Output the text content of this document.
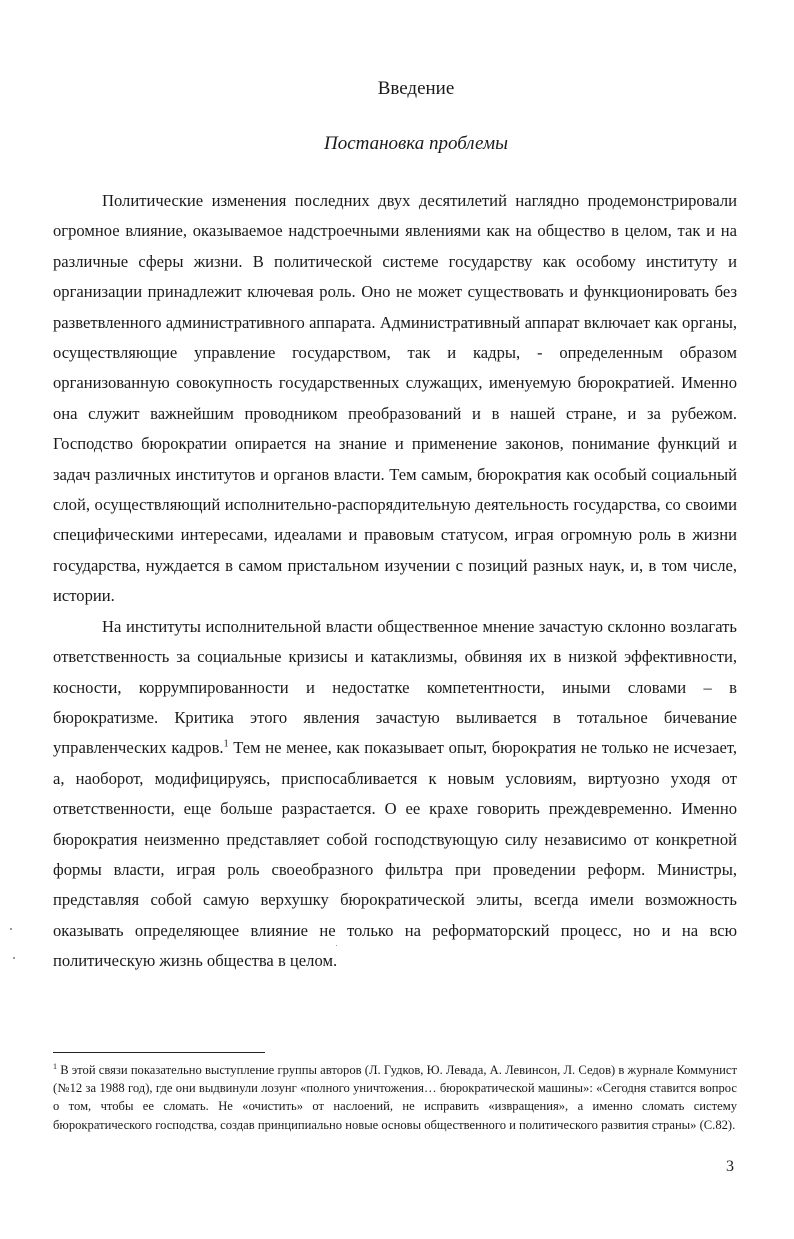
Введение
Постановка проблемы

Политические изменения последних двух десятилетий наглядно продемонстрировали огромное влияние, оказываемое надстроечными явлениями как на общество в целом, так и на различные сферы жизни. В политической системе государству как особому институту и организации принадлежит ключевая роль. Оно не может существовать и функционировать без разветвленного административного аппарата. Административный аппарат включает как органы, осуществляющие управление государством, так и кадры, - определенным образом организованную совокупность государственных служащих, именуемую бюрократией. Именно она служит важнейшим проводником преобразований и в нашей стране, и за рубежом. Господство бюрократии опирается на знание и применение законов, понимание функций и задач различных институтов и органов власти. Тем самым, бюрократия как особый социальный слой, осуществляющий исполнительно-распорядительную деятельность государства, со своими специфическими интересами, идеалами и правовым статусом, играя огромную роль в жизни государства, нуждается в самом пристальном изучении с позиций разных наук, и, в том числе, истории.

На институты исполнительной власти общественное мнение зачастую склонно возлагать ответственность за социальные кризисы и катаклизмы, обвиняя их в низкой эффективности, косности, коррумпированности и недостатке компетентности, иными словами – в бюрократизме. Критика этого явления зачастую выливается в тотальное бичевание управленческих кадров.$^1$ Тем не менее, как показывает опыт, бюрократия не только не исчезает, а, наоборот, модифицируясь, приспосабливается к новым условиям, виртуозно уходя от ответственности, еще больше разрастается. О ее крахе говорить преждевременно. Именно бюрократия неизменно представляет собой господствующую силу независимо от конкретной формы власти, играя роль своеобразного фильтра при проведении реформ. Министры, представляя собой самую верхушку бюрократической элиты, всегда имели возможность оказывать определяющее влияние не только на реформаторский процесс, но и на всю политическую жизнь общества в целом.

$^1$ В этой связи показательно выступление группы авторов (Л. Гудков, Ю. Левада, А. Левинсон, Л. Седов) в журнале Коммунист (№12 за 1988 год), где они выдвинули лозунг «полного уничтожения… бюрократической машины»: «Сегодня ставится вопрос о том, чтобы ее сломать. Не «очистить» от наслоений, не исправить «извращения», а именно сломать систему бюрократического господства, создав принципиально новые основы общественного и политического развития страны» (С.82).
3
